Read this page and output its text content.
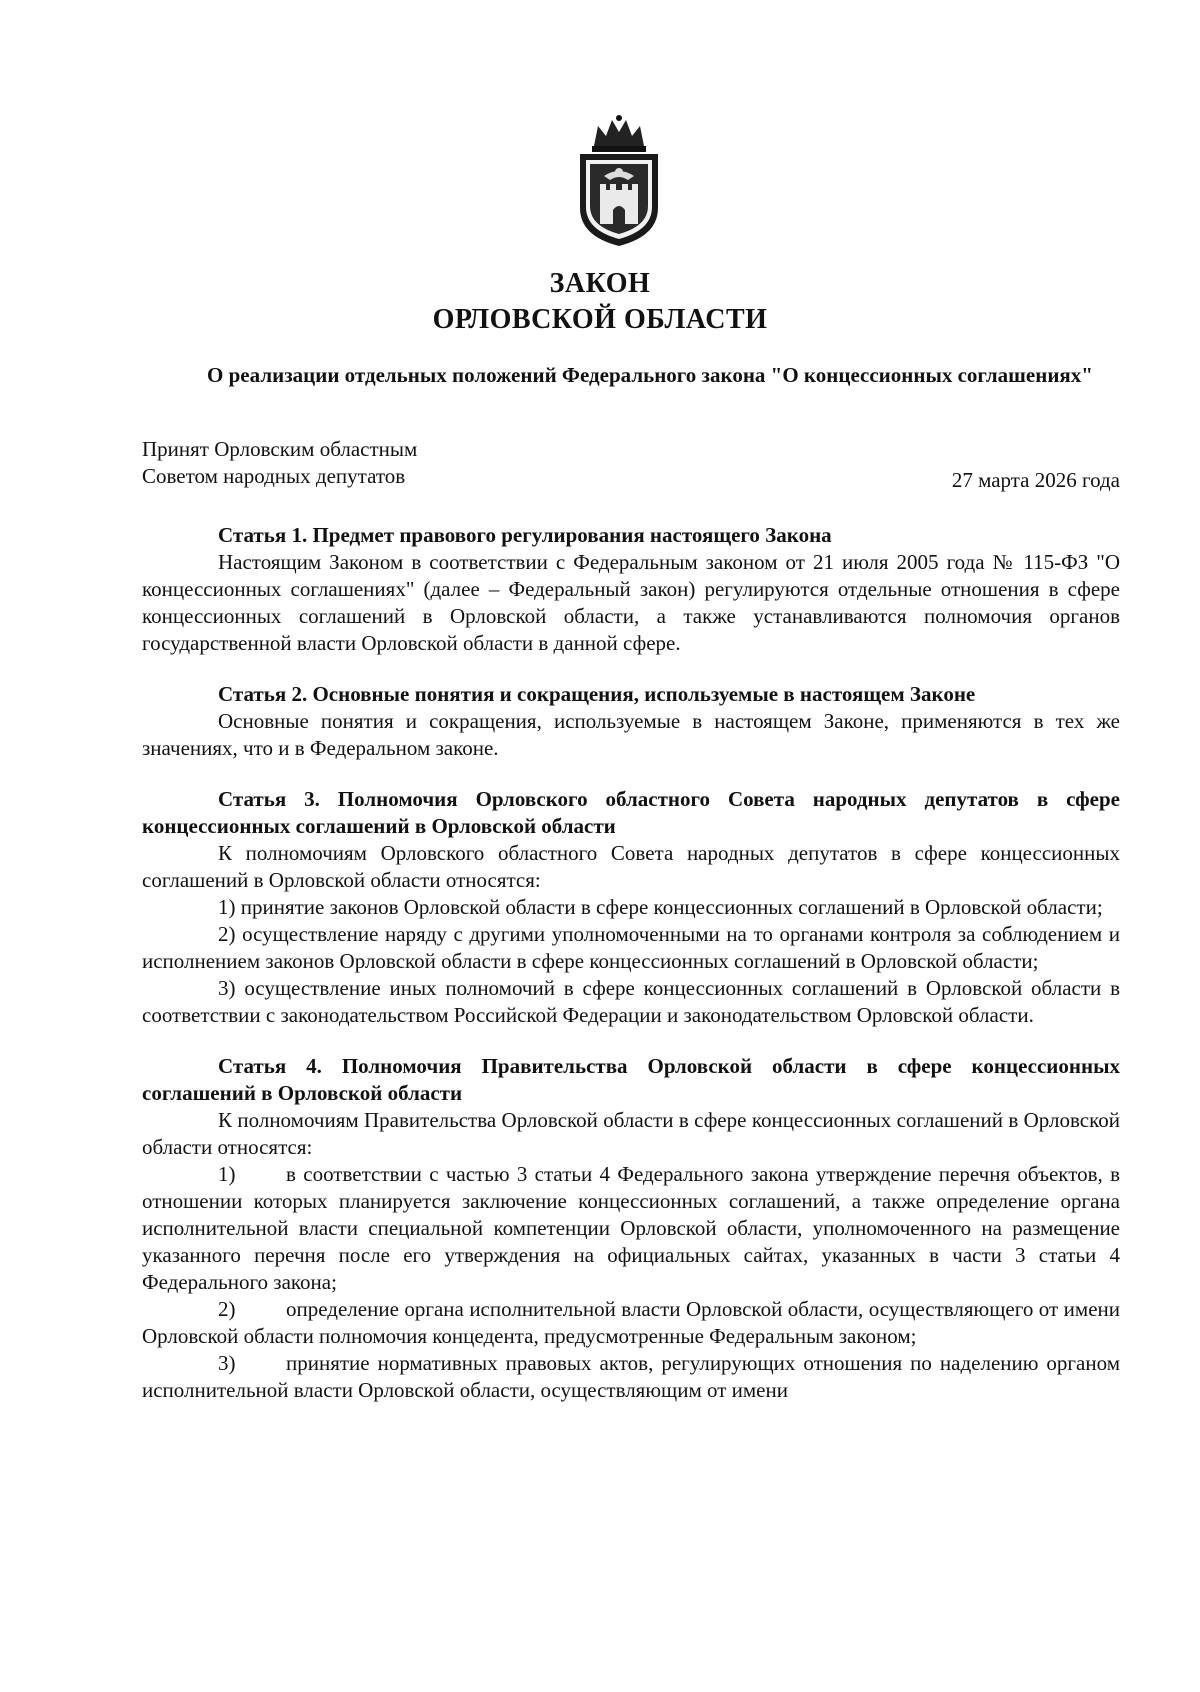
ЗАКОН
ОРЛОВСКОЙ ОБЛАСТИ
О реализации отдельных положений Федерального закона "О концессионных соглашениях"
Принят Орловским областным
Советом народных депутатов	27 марта 2026 года

Статья 1. Предмет правового регулирования настоящего Закона

Настоящим Законом в соответствии с Федеральным законом от 21 июля 2005 года № 115-ФЗ "О концессионных соглашениях" (далее – Федеральный закон) регулируются отдельные отношения в сфере концессионных соглашений в Орловской области, а также устанавливаются полномочия органов государственной власти Орловской области в данной сфере.

Статья 2. Основные понятия и сокращения, используемые в настоящем Законе

Основные понятия и сокращения, используемые в настоящем Законе, применяются в тех же значениях, что и в Федеральном законе.

Статья 3. Полномочия Орловского областного Совета народных депутатов в сфере концессионных соглашений в Орловской области

К полномочиям Орловского областного Совета народных депутатов в сфере концессионных соглашений в Орловской области относятся:

1) принятие законов Орловской области в сфере концессионных соглашений в Орловской области;

2) осуществление наряду с другими уполномоченными на то органами контроля за соблюдением и исполнением законов Орловской области в сфере концессионных соглашений в Орловской области;

3) осуществление иных полномочий в сфере концессионных соглашений в Орловской области в соответствии с законодательством Российской Федерации и законодательством Орловской области.

Статья 4. Полномочия Правительства Орловской области в сфере концессионных соглашений в Орловской области

К полномочиям Правительства Орловской области в сфере концессионных соглашений в Орловской области относятся:

1) в соответствии с частью 3 статьи 4 Федерального закона утверждение перечня объектов, в отношении которых планируется заключение концессионных соглашений, а также определение органа исполнительной власти специальной компетенции Орловской области, уполномоченного на размещение указанного перечня после его утверждения на официальных сайтах, указанных в части 3 статьи 4 Федерального закона;

2) определение органа исполнительной власти Орловской области, осуществляющего от имени Орловской области полномочия концедента, предусмотренные Федеральным законом;

3) принятие нормативных правовых актов, регулирующих отношения по наделению органом исполнительной власти Орловской области, осуществляющим от имени
